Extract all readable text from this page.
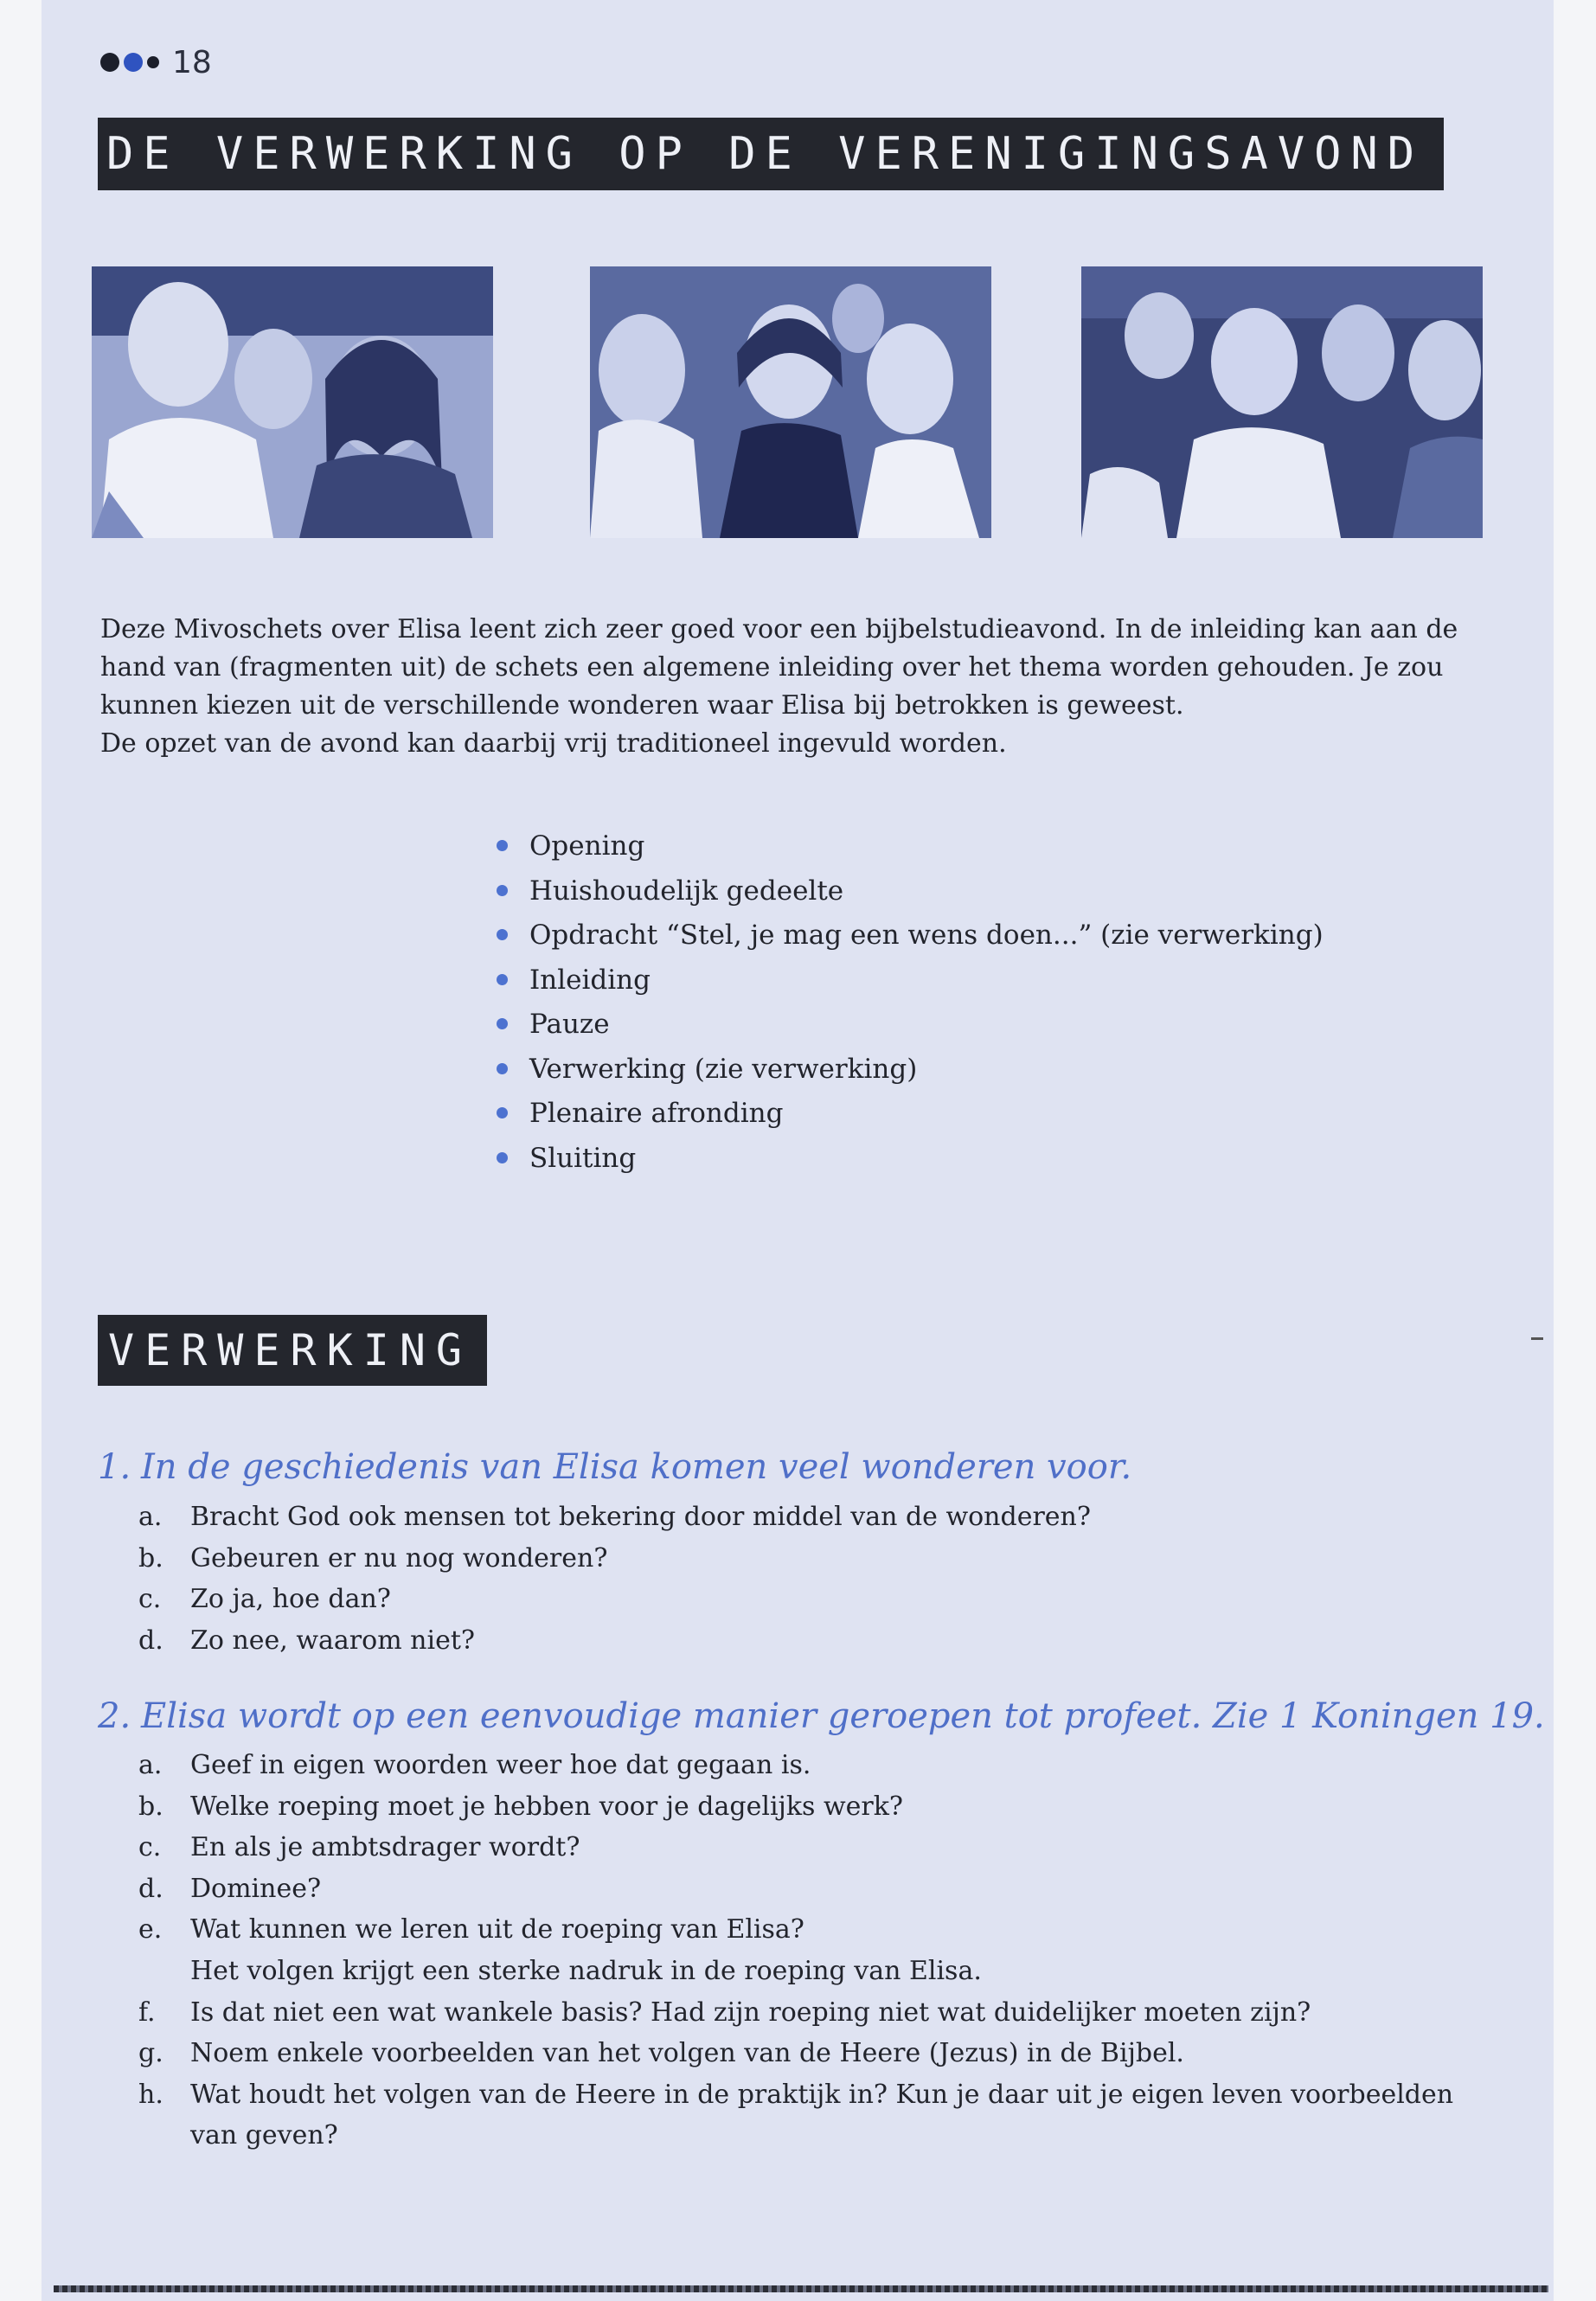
18
DE VERWERKING OP DE VERENIGINGSAVOND

Deze Mivoschets over Elisa leent zich zeer goed voor een bijbelstudieavond. In de inleiding kan aan de hand van (fragmenten uit) de schets een algemene inleiding over het thema worden gehouden. Je zou kunnen kiezen uit de verschillende wonderen waar Elisa bij betrokken is geweest.

De opzet van de avond kan daarbij vrij traditioneel ingevuld worden.

Opening
Huishoudelijk gedeelte
Opdracht “Stel, je mag een wens doen...” (zie verwerking)
Inleiding
Pauze
Verwerking (zie verwerking)
Plenaire afronding
Sluiting
VERWERKING
1. In de geschiedenis van Elisa komen veel wonderen voor.
a.	Bracht God ook mensen tot bekering door middel van de wonderen?
b.	Gebeuren er nu nog wonderen?
c.	Zo ja, hoe dan?
d.	Zo nee, waarom niet?
2. Elisa wordt op een eenvoudige manier geroepen tot profeet. Zie 1 Koningen 19.
a.	Geef in eigen woorden weer hoe dat gegaan is.
b.	Welke roeping moet je hebben voor je dagelijks werk?
c.	En als je ambtsdrager wordt?
d.	Dominee?
e.	Wat kunnen we leren uit de roeping van Elisa?
Het volgen krijgt een sterke nadruk in de roeping van Elisa.
f.	Is dat niet een wat wankele basis? Had zijn roeping niet wat duidelijker moeten zijn?
g.	Noem enkele voorbeelden van het volgen van de Heere (Jezus) in de Bijbel.
h.	Wat houdt het volgen van de Heere in de praktijk in? Kun je daar uit je eigen leven voorbeelden van geven?
